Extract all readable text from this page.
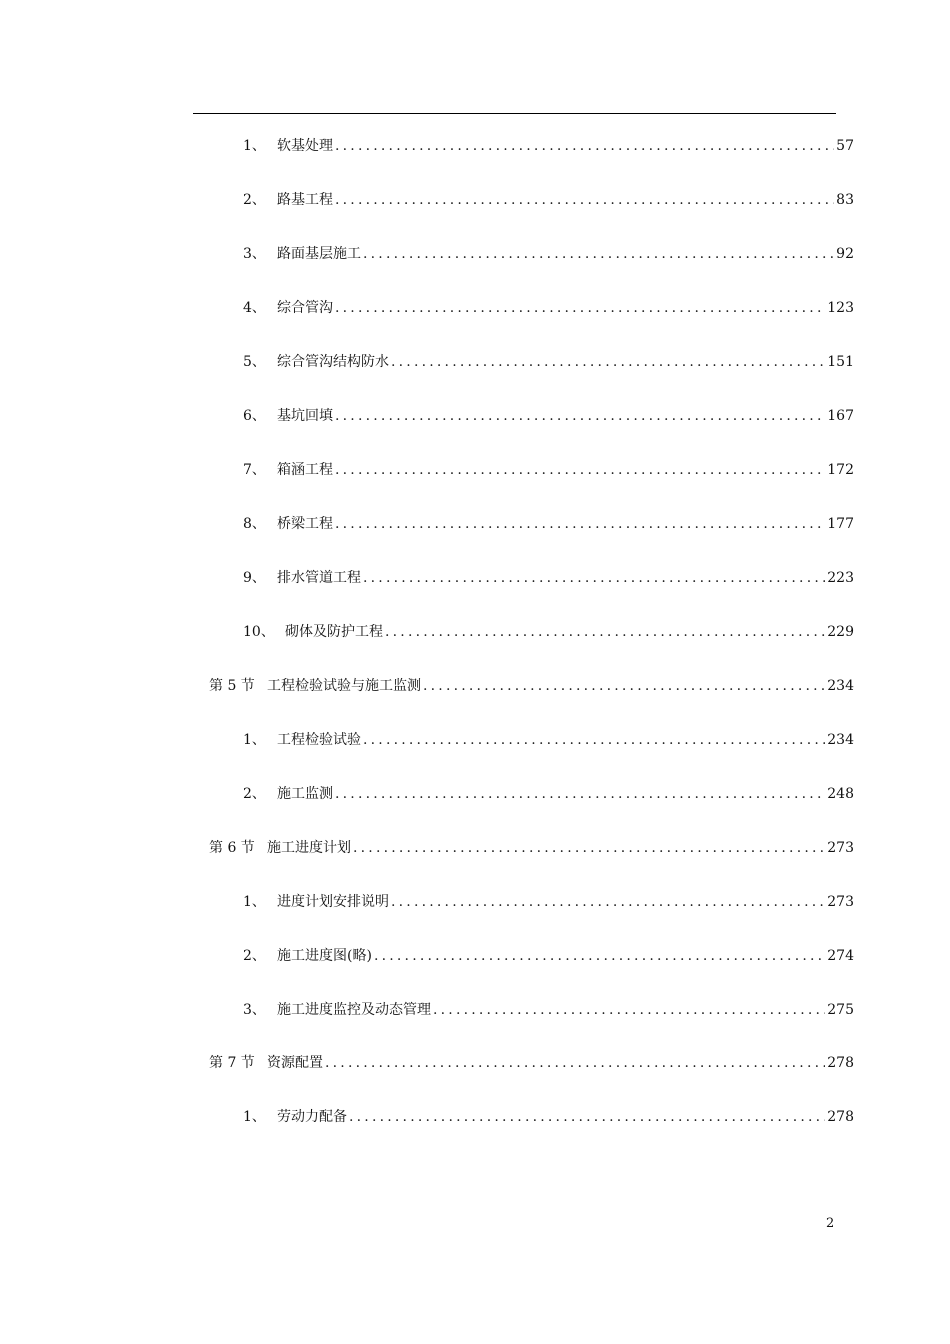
1、 软基处理 .....	57
2、 路基工程 .....	83
3、 路面基层施工 .....	92
4、 综合管沟 .....	123
5、 综合管沟结构防水 .....	151
6、 基坑回填 .....	167
7、 箱涵工程 .....	172
8、 桥梁工程 .....	177
9、 排水管道工程 .....	223
10、 砌体及防护工程 .....	229
第 5 节 工程检验试验与施工监测 .....	234
1、 工程检验试验 .....	234
2、 施工监测 .....	248
第 6 节 施工进度计划 .....	273
1、 进度计划安排说明 .....	273
2、 施工进度图(略) .....	274
3、 施工进度监控及动态管理 .....	275
第 7 节 资源配置 .....	278
1、 劳动力配备 .....	278
2
